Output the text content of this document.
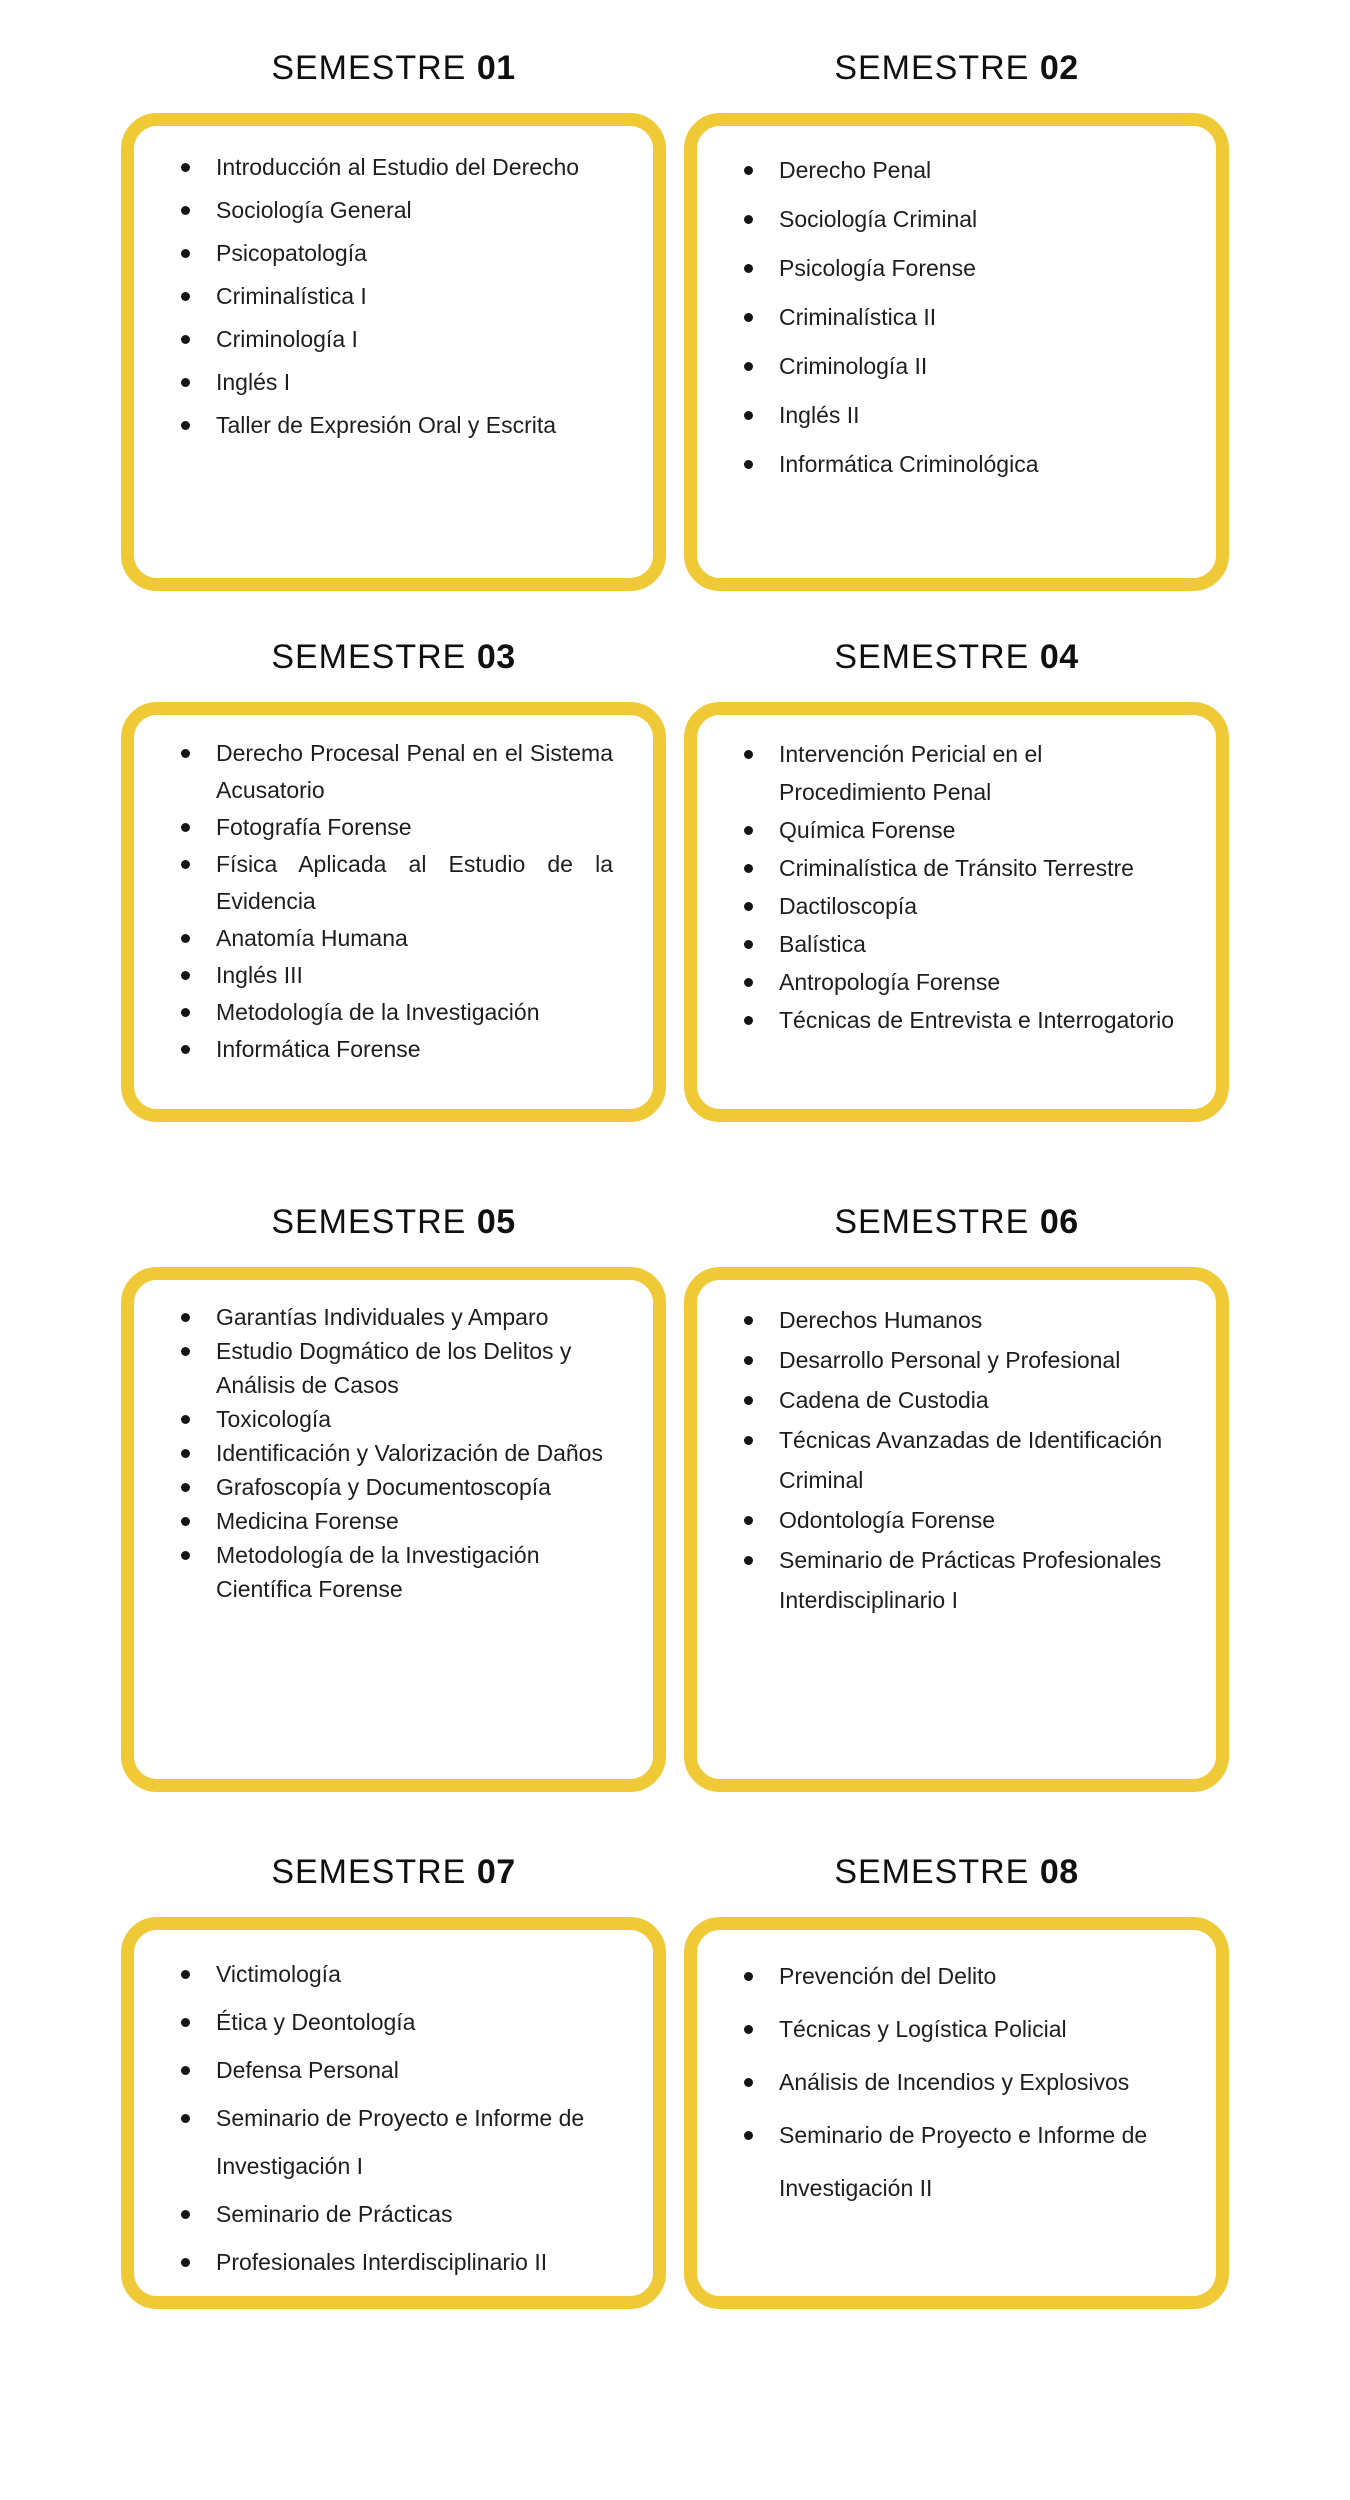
SEMESTRE 01
Introducción al Estudio del Derecho
Sociología General
Psicopatología
Criminalística I
Criminología I
Inglés I
Taller de Expresión Oral y Escrita
SEMESTRE 02
Derecho Penal
Sociología Criminal
Psicología Forense
Criminalística II
Criminología II
Inglés II
Informática Criminológica
SEMESTRE 03
Derecho Procesal Penal en el Sistema Acusatorio
Fotografía Forense
Física Aplicada al Estudio de la Evidencia
Anatomía Humana
Inglés III
Metodología de la Investigación
Informática Forense
SEMESTRE 04
Intervención Pericial en el Procedimiento Penal
Química Forense
Criminalística de Tránsito Terrestre
Dactiloscopía
Balística
Antropología Forense
Técnicas de Entrevista e Interrogatorio
SEMESTRE 05
Garantías Individuales y Amparo
Estudio Dogmático de los Delitos y Análisis de Casos
Toxicología
Identificación y Valorización de Daños
Grafoscopía y Documentoscopía
Medicina Forense
Metodología de la Investigación Científica Forense
SEMESTRE 06
Derechos Humanos
Desarrollo Personal y Profesional
Cadena de Custodia
Técnicas Avanzadas de Identificación Criminal
Odontología Forense
Seminario de Prácticas Profesionales Interdisciplinario I
SEMESTRE 07
Victimología
Ética y Deontología
Defensa Personal
Seminario de Proyecto e Informe de Investigación I
Seminario de Prácticas
Profesionales Interdisciplinario II
SEMESTRE 08
Prevención del Delito
Técnicas y Logística Policial
Análisis de Incendios y Explosivos
Seminario de Proyecto e Informe de Investigación II
